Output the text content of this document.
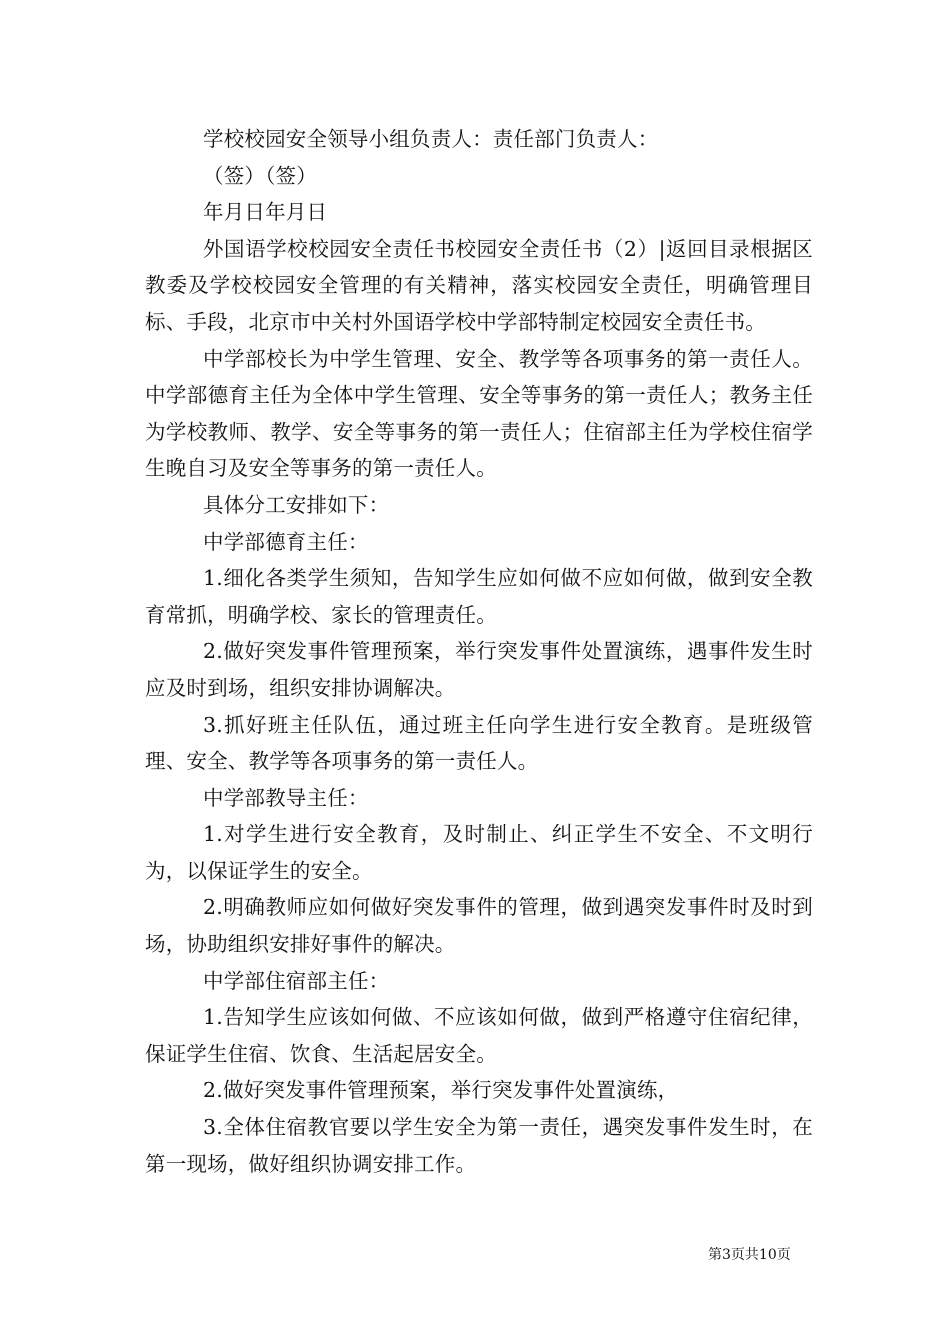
学校校园安全领导小组负责人：责任部门负责人：

（签）（签）

年月日年月日

外国语学校校园安全责任书校园安全责任书（2）|返回目录根据区教委及学校校园安全管理的有关精神，落实校园安全责任，明确管理目标、手段，北京市中关村外国语学校中学部特制定校园安全责任书。

中学部校长为中学生管理、安全、教学等各项事务的第一责任人。中学部德育主任为全体中学生管理、安全等事务的第一责任人；教务主任为学校教师、教学、安全等事务的第一责任人；住宿部主任为学校住宿学生晚自习及安全等事务的第一责任人。

具体分工安排如下：

中学部德育主任：

1.细化各类学生须知，告知学生应如何做不应如何做，做到安全教育常抓，明确学校、家长的管理责任。

2.做好突发事件管理预案，举行突发事件处置演练，遇事件发生时应及时到场，组织安排协调解决。

3.抓好班主任队伍，通过班主任向学生进行安全教育。是班级管理、安全、教学等各项事务的第一责任人。

中学部教导主任：

1.对学生进行安全教育，及时制止、纠正学生不安全、不文明行为，以保证学生的安全。

2.明确教师应如何做好突发事件的管理，做到遇突发事件时及时到场，协助组织安排好事件的解决。

中学部住宿部主任：

1.告知学生应该如何做、不应该如何做，做到严格遵守住宿纪律，保证学生住宿、饮食、生活起居安全。

2.做好突发事件管理预案，举行突发事件处置演练，

3.全体住宿教官要以学生安全为第一责任，遇突发事件发生时，在第一现场，做好组织协调安排工作。

第3页共10页
